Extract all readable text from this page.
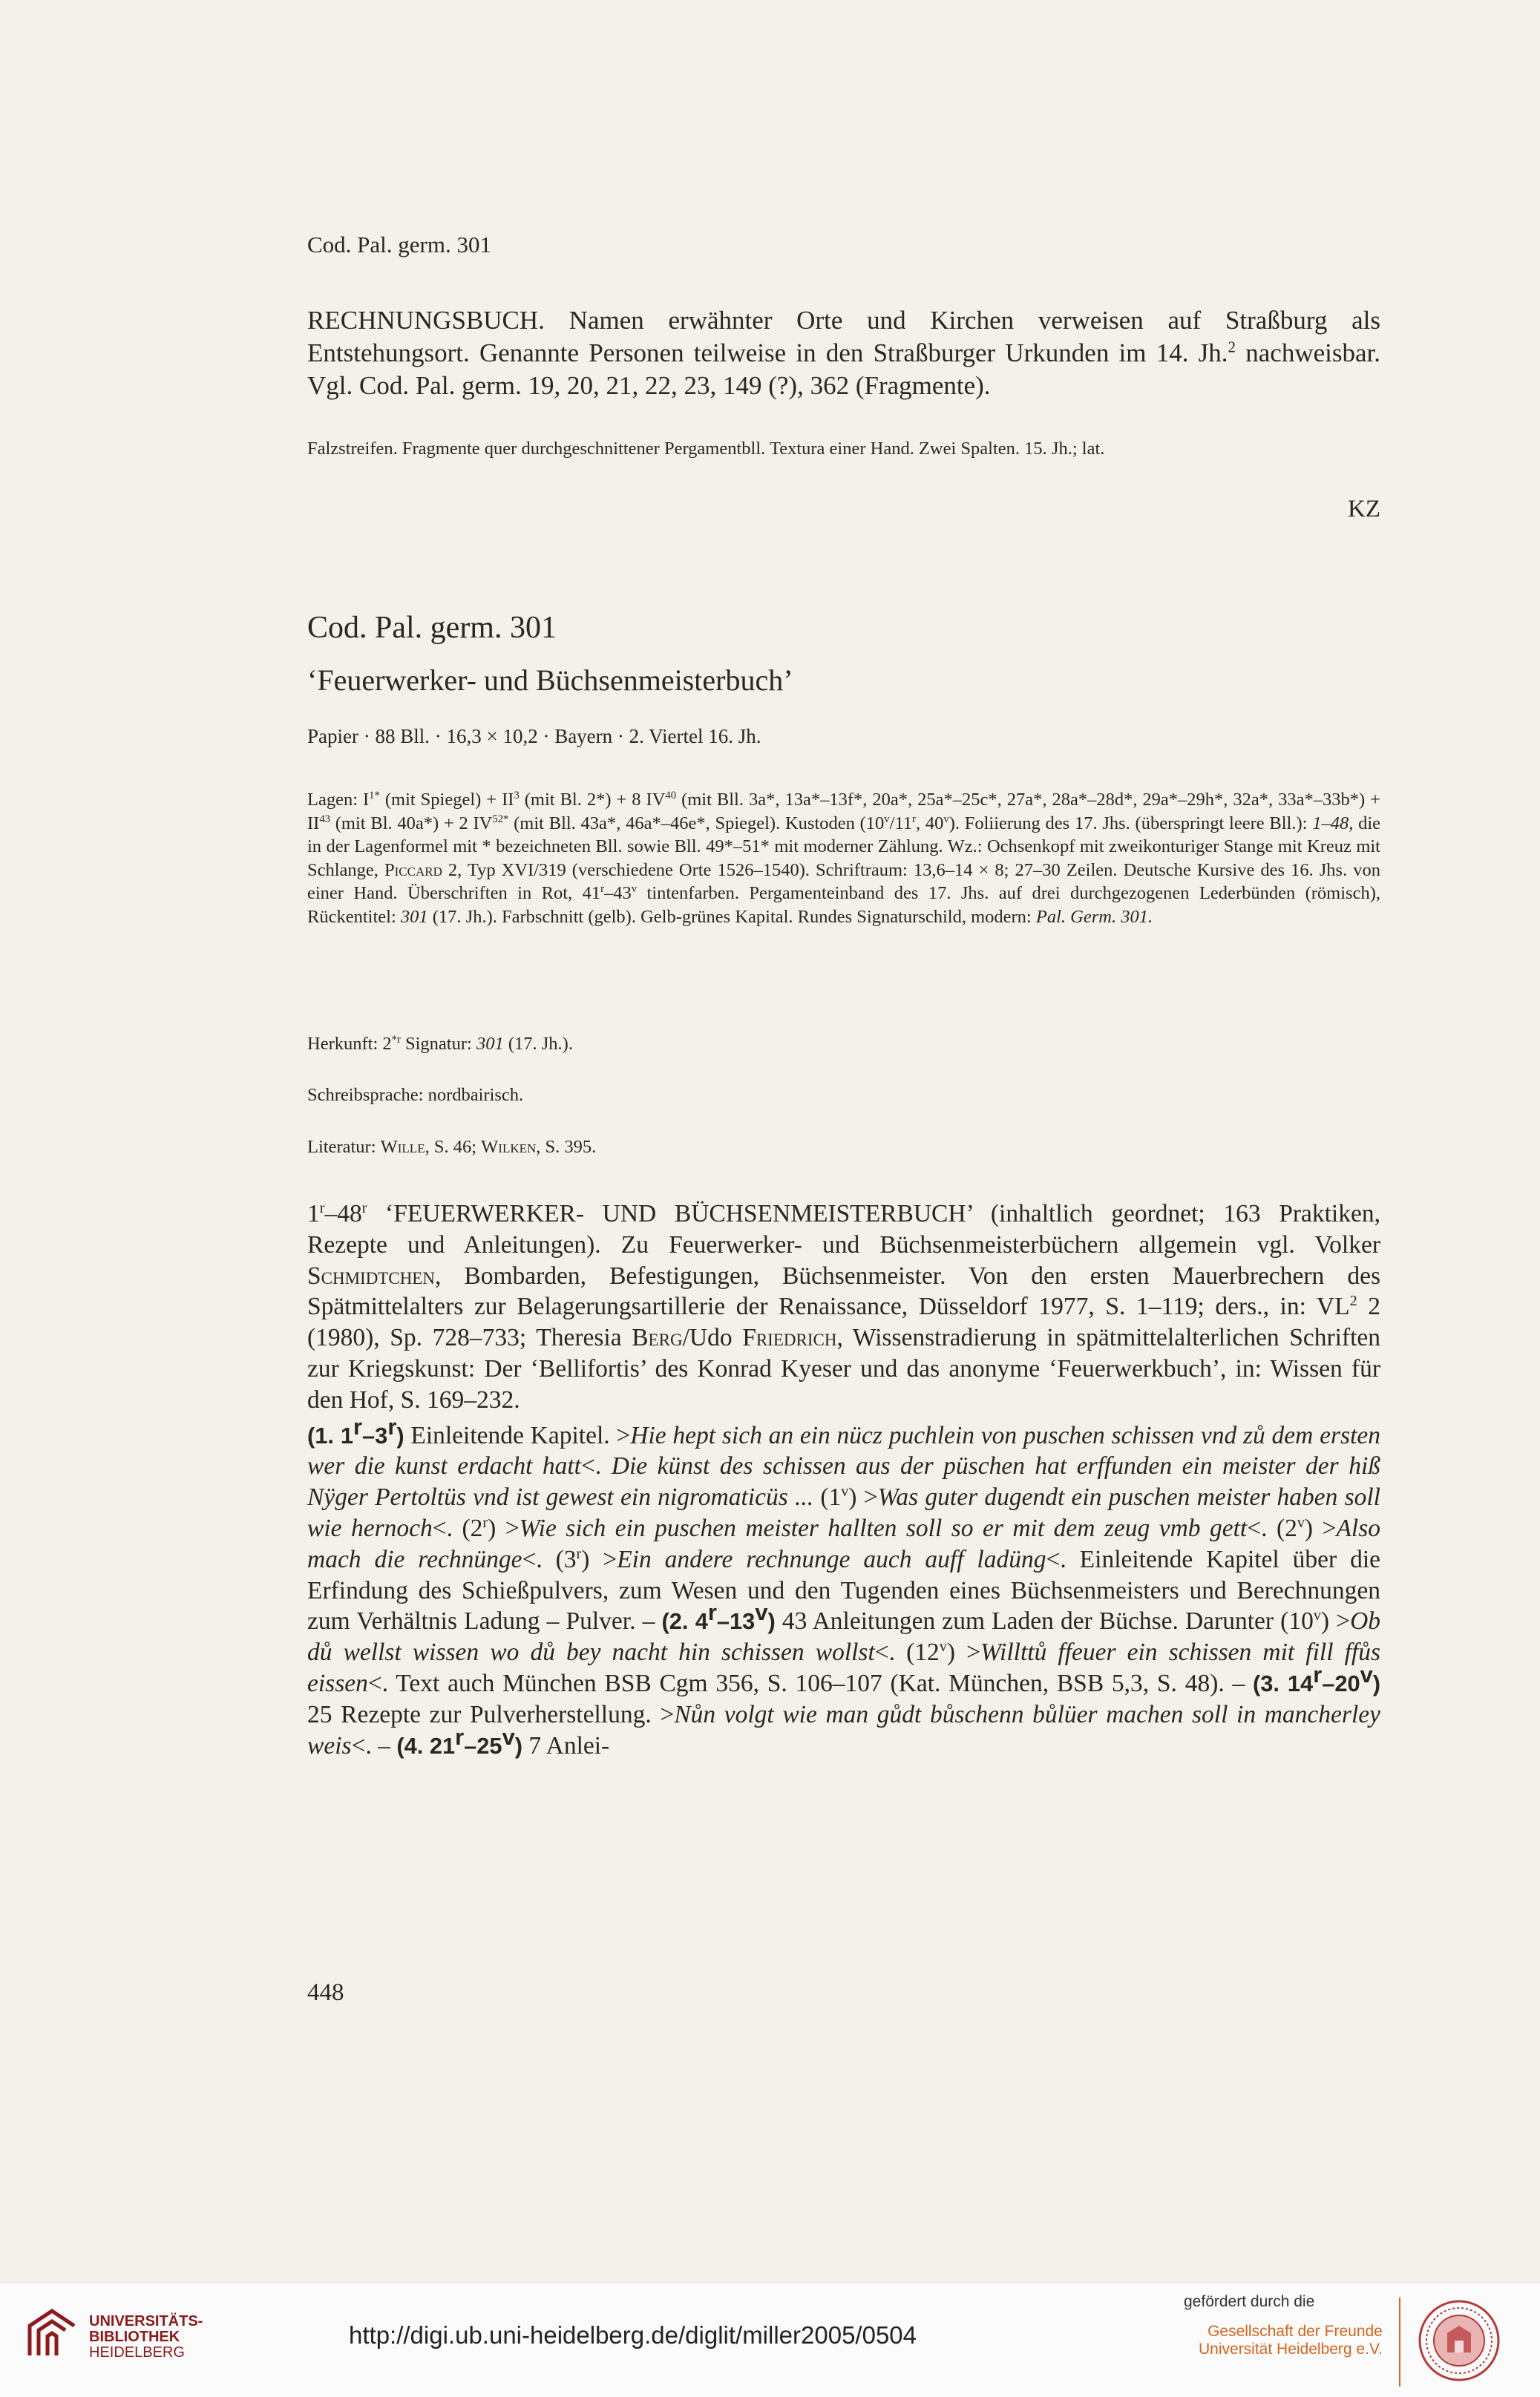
Cod. Pal. germ. 301
RECHNUNGSBUCH. Namen erwähnter Orte und Kirchen verweisen auf Straßburg als Entstehungsort. Genannte Personen teilweise in den Straßburger Urkunden im 14. Jh.$^2$ nachweisbar. Vgl. Cod. Pal. germ. 19, 20, 21, 22, 23, 149 (?), 362 (Fragmente).
Falzstreifen. Fragmente quer durchgeschnittener Pergamentbll. Textura einer Hand. Zwei Spalten. 15. Jh.; lat.
KZ
Cod. Pal. germ. 301
‘Feuerwerker- und Büchsenmeisterbuch’
Papier · 88 Bll. · 16,3 × 10,2 · Bayern · 2. Viertel 16. Jh.
Lagen: $I^{1*}$ (mit Spiegel) + $II^3$ (mit Bl. 2*) + 8 IV$^{40}$ (mit Bll. 3a*, 13a*–13f*, 20a*, 25a*–25c*, 27a*, 28a*–28d*, 29a*–29h*, 32a*, $33a*-33b*) + II^{43}$ (mit Bl. 40a*) + 2 $IV^{52*}$ (mit Bll. 43a*, 46a*–46e*, Spiegel). Kustoden (10$^v$/11$^r$, 40$^v$). Foliierung des 17. Jhs. (überspringt leere Bll.): 1–48, die in der Lagenformel mit * bezeichneten Bll. sowie Bll. 49*–51* mit moderner Zählung. Wz.: Ochsenkopf mit zweikonturiger Stange mit Kreuz mit Schlange, Piccard 2, Typ XVI/319 (verschiedene Orte 1526–1540). Schriftraum: 13,6–14 × 8; 27–30 Zeilen. Deutsche Kursive des 16. Jhs. von einer Hand. Überschriften in Rot, 41$^r$–43$^v$ tintenfarben. Pergamenteinband des 17. Jhs. auf drei durchgezogenen Lederbünden (römisch), Rückentitel: 301 (17. Jh.). Farbschnitt (gelb). Gelb-grünes Kapital. Rundes Signaturschild, modern: Pal. Germ. 301.
Herkunft: 2$^{*r}$ Signatur: 301 (17. Jh.).
Schreibsprache: nordbairisch.
Literatur: Wille, S. 46; Wilken, S. 395.

1$^r$–48$^r$ ‘FEUERWERKER- UND BÜCHSENMEISTERBUCH’ (inhaltlich geordnet; 163 Praktiken, Rezepte und Anleitungen). Zu Feuerwerker- und Büchsenmeisterbüchern allgemein vgl. Volker Schmidtchen, Bombarden, Befestigungen, Büchsenmeister. Von den ersten Mauerbrechern des Spätmittelalters zur Belagerungsartillerie der Renaissance, Düsseldorf 1977, S. 1–119; ders., in: $VL^2$ 2 (1980), Sp. 728–733; Theresia Berg/Udo Friedrich, Wissenstradierung in spätmittelalterlichen Schriften zur Kriegskunst: Der ‘Bellifortis’ des Konrad Kyeser und das anonyme ‘Feuerwerkbuch’, in: Wissen für den Hof, S. 169–232.

(1. 1r–3r) Einleitende Kapitel. >Hie hept sich an ein nücz puchlein von puschen schissen vnd zů dem ersten wer die kunst erdacht hatt<. Die künst des schissen aus der püschen hat erffunden ein meister der hiß Nÿger Pertoltüs vnd ist gewest ein nigromaticüs ... $(1^v) >Was$ guter dugendt ein puschen meister haben soll wie hernoch<. $(2^r) >Wie$ sich ein puschen meister hallten soll so er mit dem zeug vmb gett<. $(2^v)$ >Also mach die rechnünge<. $(3^r) >Ein$ andere rechnunge auch auff ladüng<. Einleitende Kapitel über die Erfindung des Schießpulvers, zum Wesen und den Tugenden eines Büchsenmeisters und Berechnungen zum Verhältnis Ladung – Pulver. – (2. 4r–13v) 43 Anleitungen zum Laden der Büchse. Darunter $(10^v) >Ob$ dů wellst wissen wo dů bey nacht hin schissen wollst<. $(12^v)$ >Willttů ffeuer ein schissen mit fill ffůs eissen<. Text auch München BSB Cgm 356, S. 106–107 (Kat. München, BSB 5,3, S. 48). – (3. 14r–20v) 25 Rezepte zur Pulverherstellung. >Nůn volgt wie man gůdt bůschenn bůlüer machen soll in mancherley weis<. – (4. 21r–25v) 7 Anlei-

448
UNIVERSITÄTS-
BIBLIOTHEK
HEIDELBERG
http://digi.ub.uni-heidelberg.de/diglit/miller2005/0504
gefördert durch die
Gesellschaft der Freunde
Universität Heidelberg e.V.
